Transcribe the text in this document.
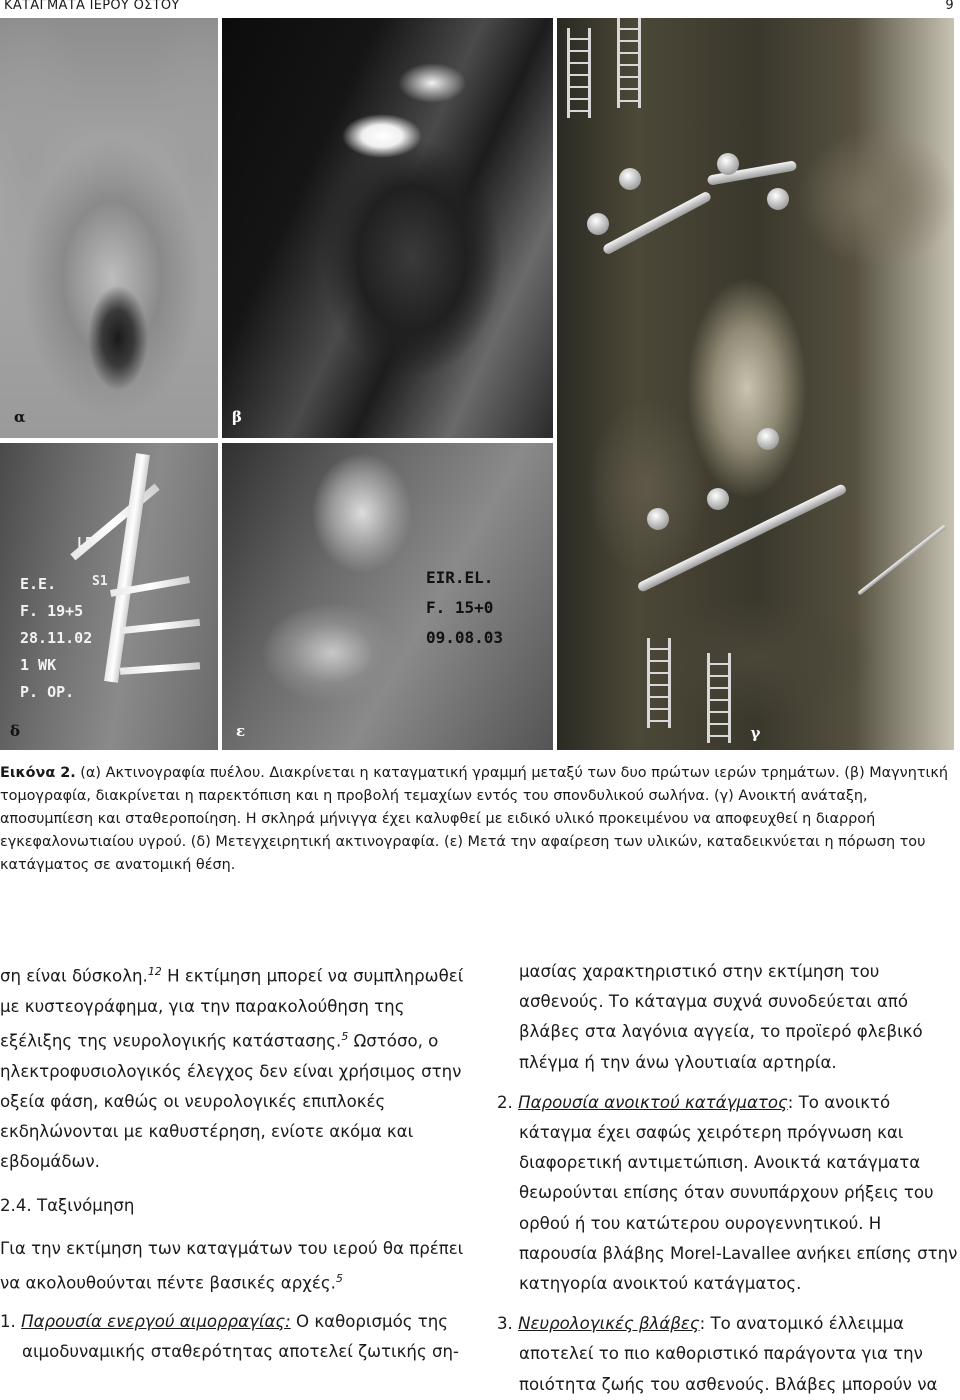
ΚΑΤΑΓΜΑΤΑ ΙΕΡΟΥ ΟΣΤΟΥ	9
α	β
γ
L5
S1
Ε.Ε.
F. 19+5
28.11.02
1 WK
P. OP.
δ
EIR.EL.
F. 15+0
09.08.03
ε
Εικόνα 2. (α) Ακτινογραφία πυέλου. Διακρίνεται η καταγματική γραμμή μεταξύ των δυο πρώτων ιερών τρημάτων. (β) Μαγνητική τομογραφία, διακρίνεται η παρεκτόπιση και η προβολή τεμαχίων εντός του σπονδυλικού σωλήνα. (γ) Ανοικτή ανάταξη, αποσυμπίεση και σταθεροποίηση. Η σκληρά μήνιγγα έχει καλυφθεί με ειδικό υλικό προκειμένου να αποφευχθεί η διαρροή εγκεφαλονωτιαίου υγρού. (δ) Μετεγχειρητική ακτινογραφία. (ε) Μετά την αφαίρεση των υλικών, καταδεικνύεται η πόρωση του κατάγματος σε ανατομική θέση.

ση είναι δύσκολη.$^{12}$ Η εκτίμηση μπορεί να συμπληρωθεί με κυστεογράφημα, για την παρακολούθηση της εξέλιξης της νευρολογικής κατάστασης.$^5$ Ωστόσο, ο ηλεκτροφυσιολογικός έλεγχος δεν είναι χρήσιμος στην οξεία φάση, καθώς οι νευρολογικές επιπλοκές εκδηλώνονται με καθυστέρηση, ενίοτε ακόμα και εβδομάδων.

2.4. Ταξινόμηση

Για την εκτίμηση των καταγμάτων του ιερού θα πρέπει να ακολουθούνται πέντε βασικές αρχές.$^5$

1. Παρουσία ενεργού αιμορραγίας: Ο καθορισμός της αιμοδυναμικής σταθερότητας αποτελεί ζωτικής ση-

μασίας χαρακτηριστικό στην εκτίμηση του ασθενούς. Το κάταγμα συχνά συνοδεύεται από βλάβες στα λαγόνια αγγεία, το προϊερό φλεβικό πλέγμα ή την άνω γλουτιαία αρτηρία.

2. Παρουσία ανοικτού κατάγματος: Το ανοικτό κάταγμα έχει σαφώς χειρότερη πρόγνωση και διαφορετική αντιμετώπιση. Ανοικτά κατάγματα θεωρούνται επίσης όταν συνυπάρχουν ρήξεις του ορθού ή του κατώτερου ουρογεννητικού. Η παρουσία βλάβης Morel-Lavallee ανήκει επίσης στην κατηγορία ανοικτού κατάγματος.

3. Νευρολογικές βλάβες: Το ανατομικό έλλειμμα αποτελεί το πιο καθοριστικό παράγοντα για την ποιότητα ζωής του ασθενούς. Βλάβες μπορούν να
